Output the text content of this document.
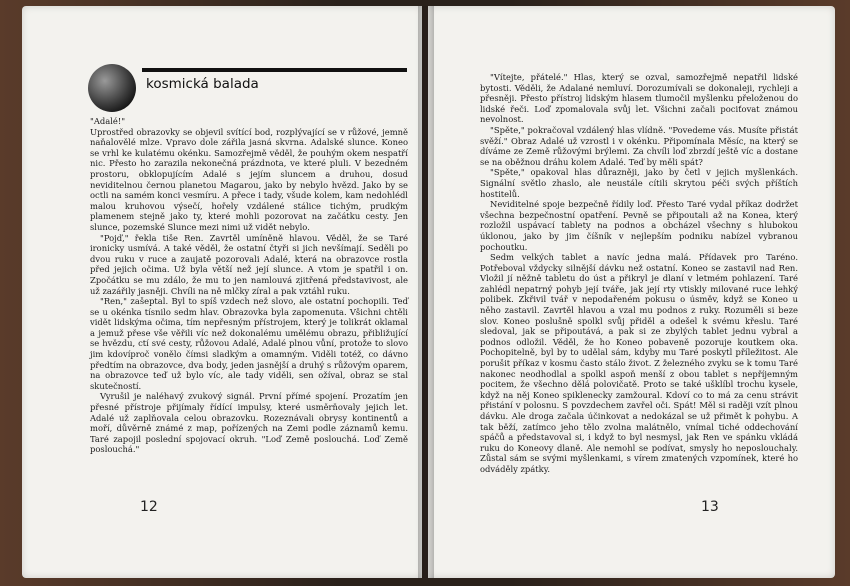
kosmická balada

"Adalé!"

Uprostřed obrazovky se objevil svítící bod, rozplývající se v růžové, jemně naňalovělé mlze. Vpravo dole zářila jasná skvrna. Adalské slunce. Koneo se vrhl ke kulatému okénku. Samozřejmě věděl, že pouhým okem nespatří nic. Přesto ho zarazila nekonečná prázdnota, ve které pluli. V bezedném prostoru, obklopujícím Adalé s jejím sluncem a druhou, dosud neviditelnou černou planetou Magarou, jako by nebylo hvězd. Jako by se octli na samém konci vesmíru. A přece i tady, všude kolem, kam nedohlédl malou kruhovou výsečí, hořely vzdálené stálice tichým, prudkým plamenem stejně jako ty, které mohli pozorovat na začátku cesty. Jen slunce, pozemské Slunce mezi nimi už vidět nebylo.

"Pojď," řekla tiše Ren. Zavrtěl umíněně hlavou. Věděl, že se Taré ironicky usmívá. A také věděl, že ostatní čtyři si jich nevšímají. Seděli po dvou ruku v ruce a zaujatě pozorovali Adalé, která na obrazovce rostla před jejich očima. Už byla větší než její slunce. A vtom je spatřil i on. Zpočátku se mu zdálo, že mu to jen namlouvá zjitřená představivost, ale už zazářily jasněji. Chvíli na ně mlčky zíral a pak vztáhl ruku.

"Ren," zašeptal. Byl to spíš vzdech než slovo, ale ostatní pochopili. Teď se u okénka tísnilo sedm hlav. Obrazovka byla zapomenuta. Všichni chtěli vidět lidskýma očima, tím nepřesným přístrojem, který je tolikrát oklamal a jemuž přese vše věřili víc než dokonalému umělému obrazu, přibližující se hvězdu, ctí své cesty, růžovou Adalé, Adalé plnou vůní, protože to slovo jim kdovíproč vonělo čímsi sladkým a omamným. Viděli totéž, co dávno předtím na obrazovce, dva body, jeden jasnější a druhý s růžovým oparem, na obrazovce teď už bylo víc, ale tady viděli, sen ožíval, obraz se stal skutečností.

Vyrušil je naléhavý zvukový signál. První přímé spojení. Prozatím jen přesné přístroje přijímaly řídící impulsy, které usměrňovaly jejich let. Adalé už zaplňovala celou obrazovku. Rozeznávali obrysy kontinentů a moří, důvěrně známé z map, pořízených na Zemi podle záznamů kemu. Taré zapojil poslední spojovací okruh. "Loď Země poslouchá. Loď Země poslouchá."

12

"Vítejte, přátelé." Hlas, který se ozval, samozřejmě nepatřil lidské bytosti. Věděli, že Adalané nemluví. Dorozumívali se dokonaleji, rychleji a přesněji. Přesto přístroj lidským hlasem tlumočil myšlenku přeloženou do lidské řeči. Loď zpomalovala svůj let. Všichni začali pociťovat známou nevolnost.

"Spěte," pokračoval vzdálený hlas vlídně. "Povedeme vás. Musíte přistát svěží." Obraz Adalé už vzrostl i v okénku. Připomínala Měsíc, na který se díváme ze Země růžovými brýlemi. Za chvíli loď zbrzdí ještě víc a dostane se na oběžnou dráhu kolem Adalé. Teď by měli spát?

"Spěte," opakoval hlas důrazněji, jako by četl v jejich myšlenkách. Signální světlo zhaslo, ale neustále cítili skrytou péči svých příštích hostitelů.

Neviditelné spoje bezpečně řídily loď. Přesto Taré vydal příkaz dodržet všechna bezpečnostní opatření. Pevně se připoutali až na Konea, který rozložil uspávací tablety na podnos a obcházel všechny s hlubokou úklonou, jako by jim číšník v nejlepším podniku nabízel vybranou pochoutku.

Sedm velkých tablet a navíc jedna malá. Přídavek pro Taréno. Potřeboval vždycky silnější dávku než ostatní. Koneo se zastavil nad Ren. Vložil jí něžně tabletu do úst a přikryl je dlaní v letmém pohlazení. Taré zahlédl nepatrný pohyb její tváře, jak její rty vtiskly milované ruce lehký polibek. Zkřivil tvář v nepodařeném pokusu o úsměv, když se Koneo u něho zastavil. Zavrtěl hlavou a vzal mu podnos z ruky. Rozuměli si beze slov. Koneo poslušně spolkl svůj přiděl a odešel k svému křeslu. Taré sledoval, jak se připoutává, a pak si ze zbylých tablet jednu vybral a podnos odložil. Věděl, že ho Koneo pobaveně pozoruje koutkem oka. Pochopitelně, byl by to udělal sám, kdyby mu Taré poskytl příležitost. Ale porušit příkaz v kosmu často stálo život. Z železného zvyku se k tomu Taré nakonec neodhodlal a spolkl aspoň menší z obou tablet s nepříjemným pocitem, že všechno dělá polovičatě. Proto se také ušklíbl trochu kysele, když na něj Koneo spiklenecky zamžoural. Kdoví co to má za cenu strávit přistání v polosnu. S povzdechem zavřel oči. Spát! Měl si raději vzít plnou dávku. Ale droga začala účinkovat a nedokázal se už přimět k pohybu. A tak běží, zatímco jeho tělo zvolna malátnělo, vnímal tiché oddechování spáčů a představoval si, i když to byl nesmysl, jak Ren ve spánku vkládá ruku do Koneovy dlaně. Ale nemohl se podívat, smysly ho neposlouchaly. Zůstal sám se svými myšlenkami, s vírem zmatených vzpomínek, které ho odváděly zpátky.

13
